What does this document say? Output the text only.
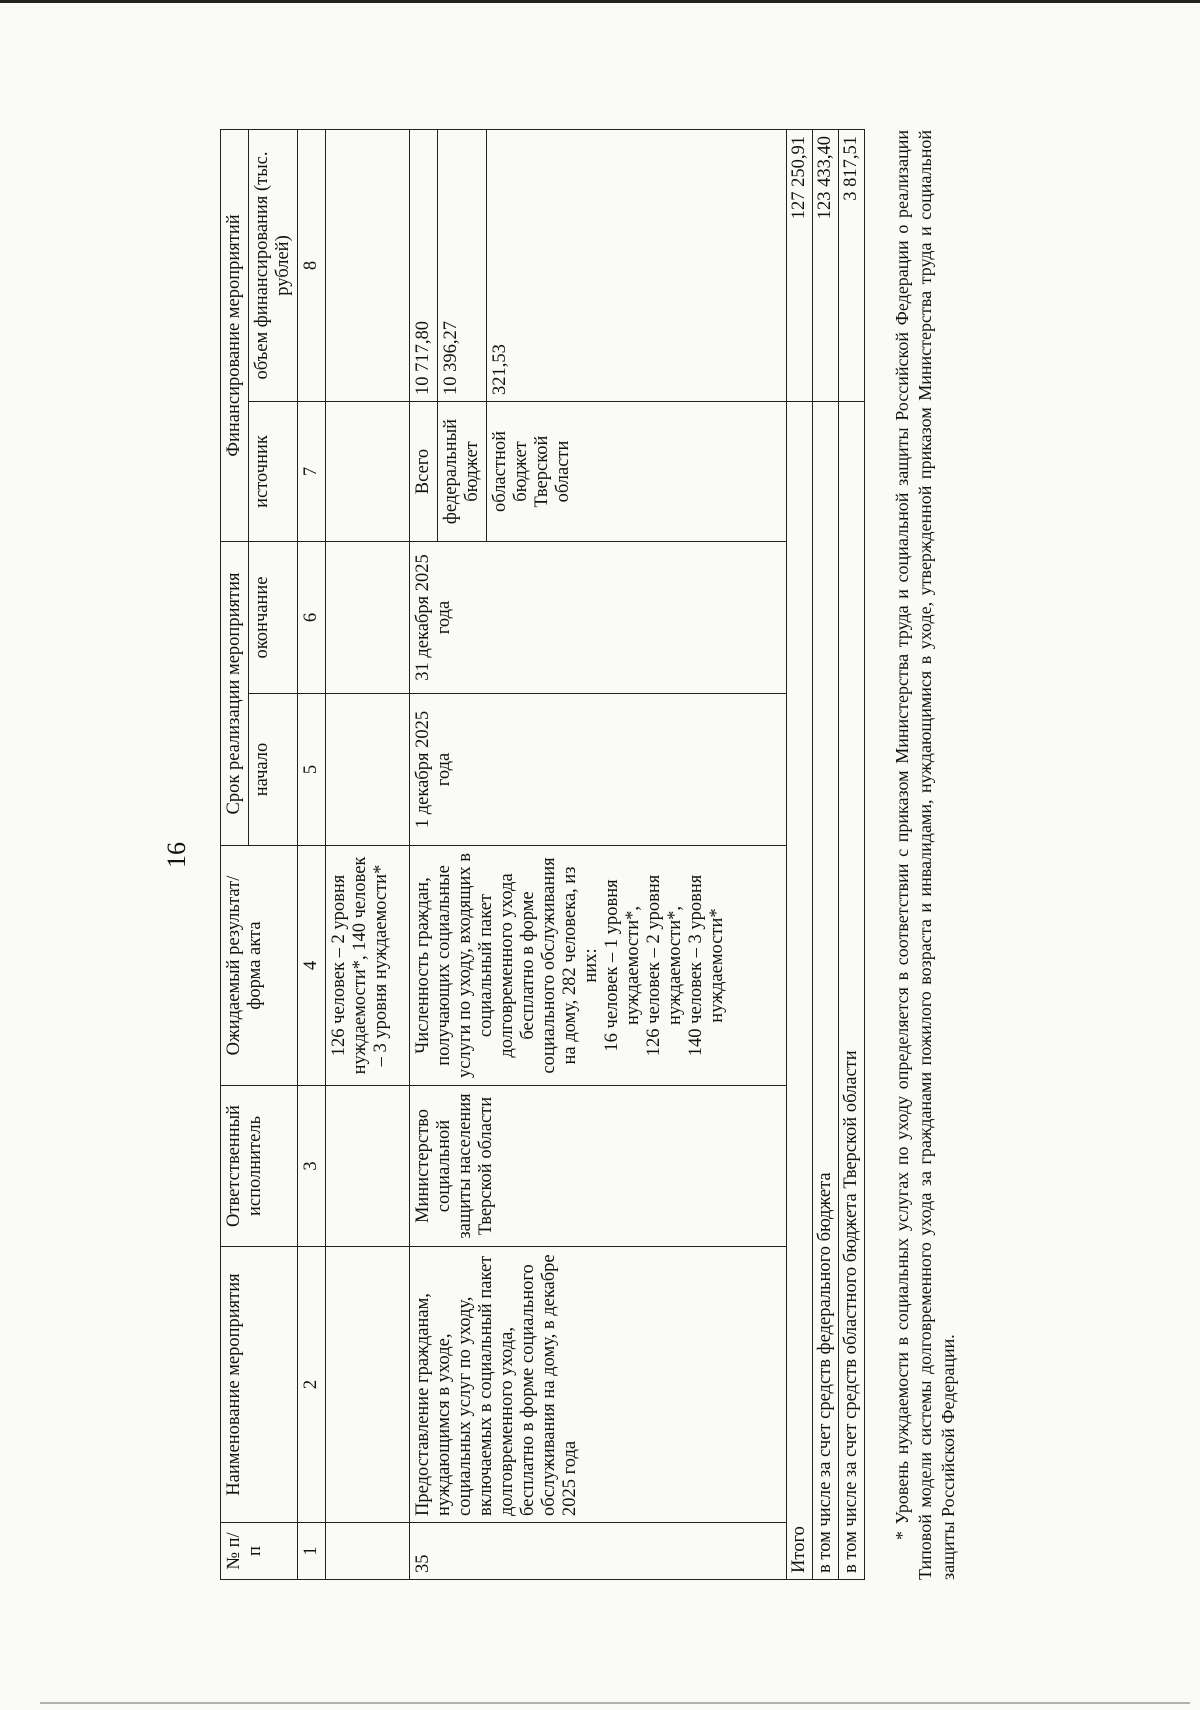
16
№ п/п	Наименование мероприятия	Ответственный исполнитель	Ожидаемый результат/форма акта	Срок реализации мероприятия		Финансирование мероприятий	
				начало	окончание	источник	объем финансирования (тыс. рублей)
1	2	3	4	5	6	7	8
			126 человек – 2 уровня нуждаемости*, 140 человек – 3 уровня нуждаемости*				
35	Предоставление гражданам, нуждающимся в уходе, социальных услуг по уходу, включаемых в социальный пакет долговременного ухода, бесплатно в форме социального обслуживания на дому, в декабре 2025 года	Министерство социальной защиты населения Тверской области	Численность граждан, получающих социальные услуги по уходу, входящих в социальный пакет долговременного ухода бесплатно в форме социального обслуживания на дому, 282 человека, из них: 16 человек – 1 уровня нуждаемости*, 126 человек – 2 уровня нуждаемости*, 140 человек – 3 уровня нуждаемости*	1 декабря 2025 года	31 декабря 2025 года	Всего	10 717,80
						федеральный бюджет	10 396,27
						областной бюджет Тверской области	321,53
Итого							127 250,91
в том числе за счет средств федерального бюджета							123 433,40
в том числе за счет средств областного бюджета Тверской области							3 817,51 * Уровень нуждаемости в социальных услугах по уходу определяется в соответствии с приказом Министерства труда и социальной защиты Российской Федерации о реализации Типовой модели системы долговременного ухода за гражданами пожилого возраста и инвалидами, нуждающимися в уходе, утвержденной приказом Министерства труда и социальной защиты Российской Федерации.
